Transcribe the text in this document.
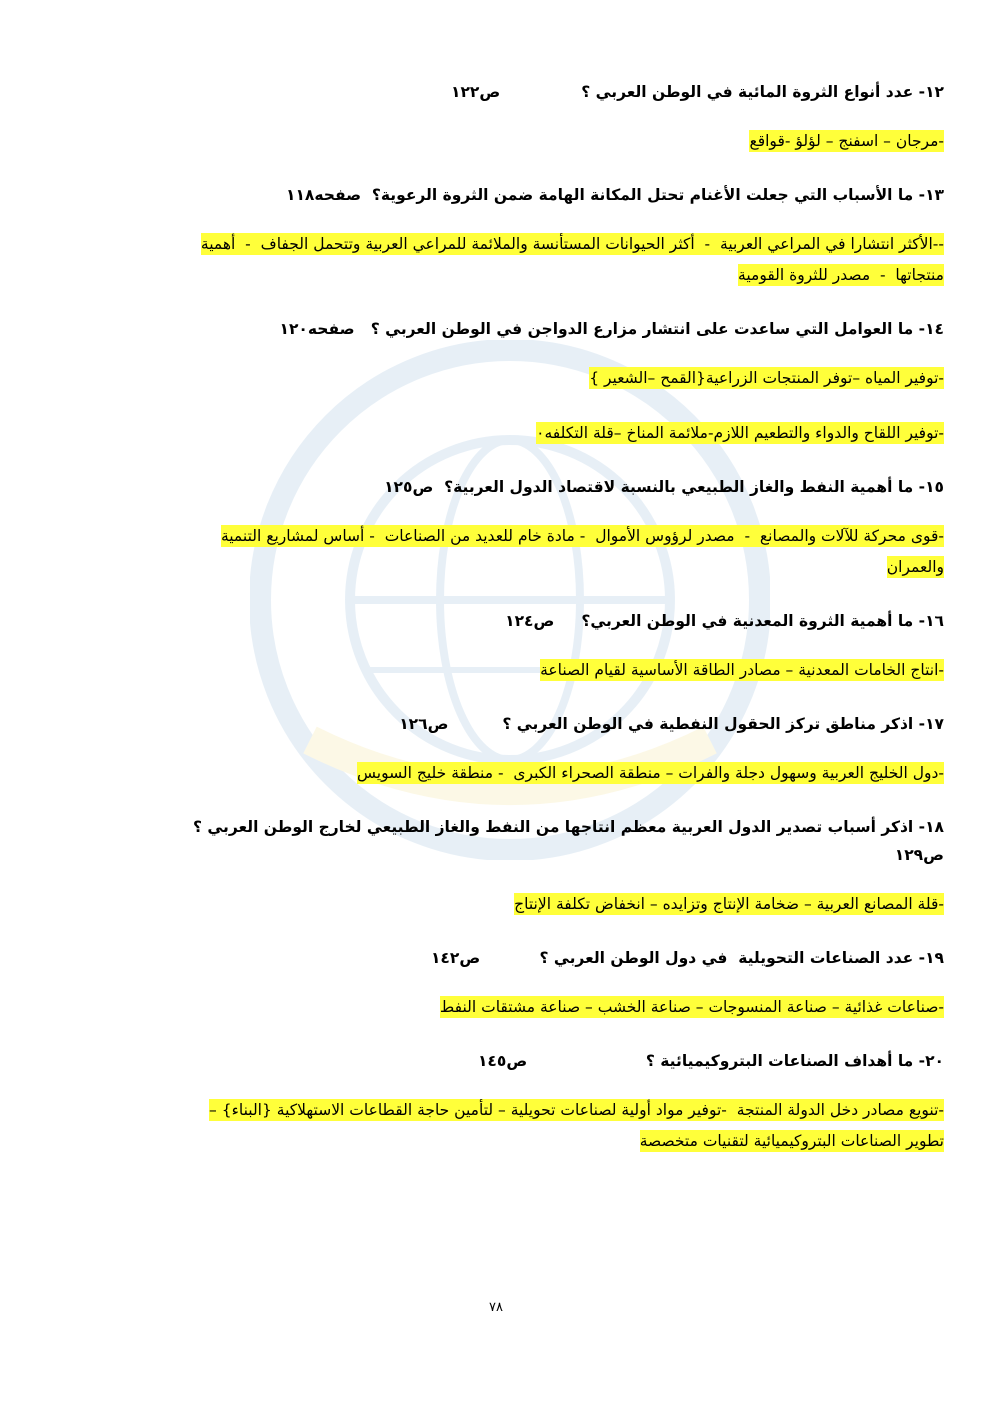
١٢- عدد أنواع الثروة المائية في الوطن العربي ؟               ص١٢٢

-مرجان – اسفنج – لؤلؤ -قواقع

١٣- ما الأسباب التي جعلت الأغنام تحتل المكانة الهامة ضمن الثروة الرعوية؟  صفحه١١٨

--الأكثر انتشارا في المراعي العربية  -  أكثر الحيوانات المستأنسة والملائمة للمراعي العربية وتتحمل الجفاف  -  أهمية

منتجاتها  -  مصدر للثروة القومية

١٤- ما العوامل التي ساعدت على انتشار مزارع الدواجن في الوطن العربي ؟   صفحه١٢٠

-توفير المياه –توفر المنتجات الزراعية{القمح –الشعير }

-توفير اللقاح والدواء والتطعيم اللازم-ملائمة المناخ –قلة التكلفه٠

١٥- ما أهمية النفط والغاز الطبيعي بالنسبة لاقتصاد الدول العربية؟  ص١٢٥

-قوى محركة للآلات والمصانع  -  مصدر لرؤوس الأموال  - مادة خام للعديد من الصناعات  - أساس لمشاريع التنمية

والعمران

١٦- ما أهمية الثروة المعدنية في الوطن العربي؟     ص١٢٤

-انتاج الخامات المعدنية – مصادر الطاقة الأساسية لقيام الصناعة

١٧- اذكر مناطق تركز الحقول النفطية في الوطن العربي ؟          ص١٢٦

-دول الخليج العربية وسهول دجلة والفرات – منطقة الصحراء الكبرى  - منطقة خليج السويس

١٨- اذكر أسباب تصدير الدول العربية معظم انتاجها من النفط والغاز الطبيعي لخارج الوطن العربي ؟
ص١٢٩

-قلة المصانع العربية – ضخامة الإنتاج وتزايده – انخفاض تكلفة الإنتاج

١٩- عدد الصناعات التحويلية  في دول الوطن العربي ؟           ص١٤٢

-صناعات غذائية – صناعة المنسوجات – صناعة الخشب – صناعة مشتقات النفط

٢٠- ما أهداف الصناعات البتروكيميائية ؟                      ص١٤٥

-تنويع مصادر دخل الدولة المنتجة  -توفير مواد أولية لصناعات تحويلية – لتأمين حاجة القطاعات الاستهلاكية {البناء} –

تطوير الصناعات البتروكيميائية لتقنيات متخصصة

٧٨
